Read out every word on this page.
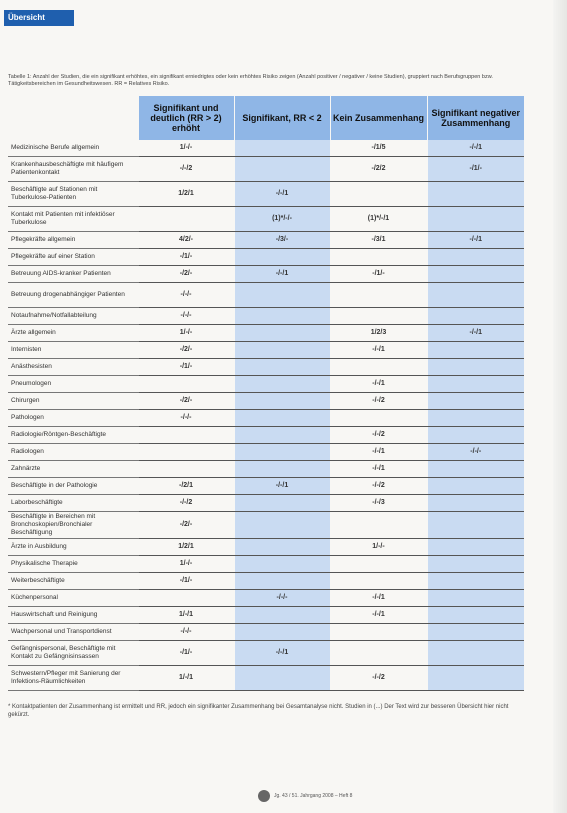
Übersicht
Tabelle 1: Anzahl der Studien, die ein signifikant erhöhtes, ein signifikant erniedrigtes oder kein erhöhtes Risiko zeigen (Anzahl positiver / negativer / keine Studien), gruppiert nach Berufsgruppen bzw. Tätigkeitsbereichen im Gesundheitswesen. RR = Relatives Risiko.
	Signifikant und deutlich (RR > 2) erhöht	Signifikant, RR < 2	Kein Zusammenhang	Signifikant negativer Zusammenhang
Medizinische Berufe allgemein	1/-/-		-/1/5	-/-/1
Krankenhausbeschäftigte mit häufigem Patientenkontakt	-/-/2		-/2/2	-/1/-
Beschäftigte auf Stationen mit Tuberkulose-Patienten	1/2/1	-/-/1		
Kontakt mit Patienten mit infektiöser Tuberkulose		(1)*/-/-	(1)*/-/1	
Pflegekräfte allgemein	4/2/-	-/3/-	-/3/1	-/-/1
Pflegekräfte auf einer Station	-/1/-			
Betreuung AIDS-kranker Patienten	-/2/-	-/-/1	-/1/-	
Betreuung drogenabhängiger Patienten	-/-/-			
Notaufnahme/Notfallabteilung	-/-/-			
Ärzte allgemein	1/-/-		1/2/3	-/-/1
Internisten	-/2/-		-/-/1	
Anästhesisten	-/1/-			
Pneumologen			-/-/1	
Chirurgen	-/2/-		-/-/2	
Pathologen	-/-/-			
Radiologie/Röntgen-Beschäftigte			-/-/2	
Radiologen			-/-/1	-/-/-
Zahnärzte			-/-/1	
Beschäftigte in der Pathologie	-/2/1	-/-/1	-/-/2	
Laborbeschäftigte	-/-/2		-/-/3	
Beschäftigte in Bereichen mit Bronchoskopien/Bronchialer Beschäftigung	-/2/-			
Ärzte in Ausbildung	1/2/1		1/-/-	
Physikalische Therapie	1/-/-			
Weiterbeschäftigte	-/1/-			
Küchenpersonal		-/-/-	-/-/1	
Hauswirtschaft und Reinigung	1/-/1		-/-/1	
Wachpersonal und Transportdienst	-/-/-			
Gefängnispersonal, Beschäftigte mit Kontakt zu Gefängnisinsassen	-/1/-	-/-/1		
Schwestern/Pfleger mit Sanierung der Infektions-Räumlichkeiten	1/-/1		-/-/2	
* Kontaktpatienten der Zusammenhang ist ermittelt und RR, jedoch ein signifikanter Zusammenhang bei Gesamtanalyse nicht. Studien in (...) Der Text wird zur besseren Übersicht hier nicht gekürzt.
Jg. 43 / 51. Jahrgang 2008 – Heft 8
